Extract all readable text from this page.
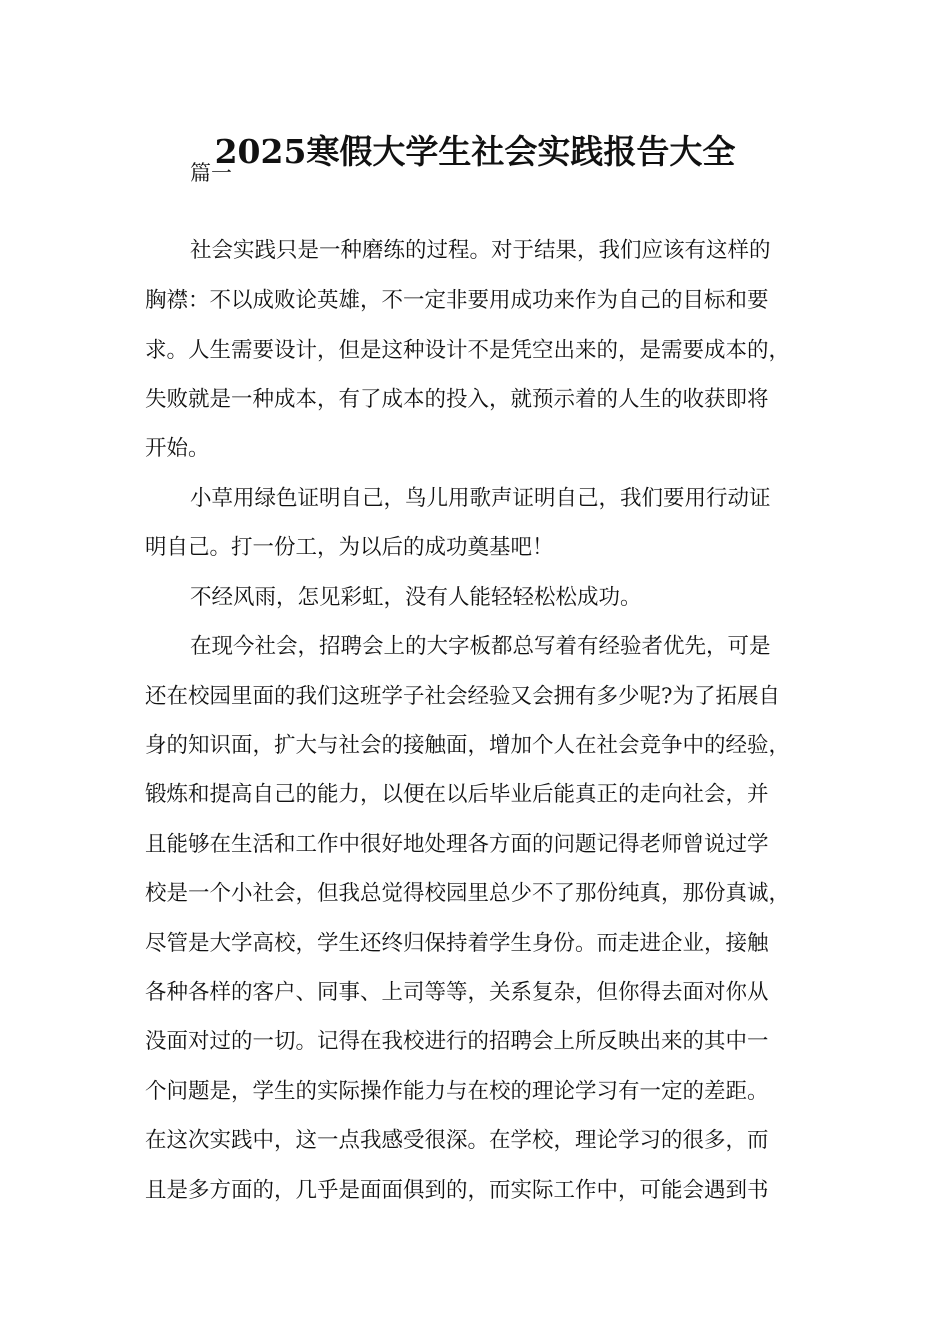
2025寒假大学生社会实践报告大全
篇一
社会实践只是一种磨练的过程。对于结果，我们应该有这样的
胸襟：不以成败论英雄，不一定非要用成功来作为自己的目标和要
求。人生需要设计，但是这种设计不是凭空出来的，是需要成本的，
失败就是一种成本，有了成本的投入，就预示着的人生的收获即将
开始。
小草用绿色证明自己，鸟儿用歌声证明自己，我们要用行动证
明自己。打一份工，为以后的成功奠基吧！
不经风雨，怎见彩虹，没有人能轻轻松松成功。
在现今社会，招聘会上的大字板都总写着有经验者优先，可是
还在校园里面的我们这班学子社会经验又会拥有多少呢?为了拓展自
身的知识面，扩大与社会的接触面，增加个人在社会竞争中的经验，
锻炼和提高自己的能力，以便在以后毕业后能真正的走向社会，并
且能够在生活和工作中很好地处理各方面的问题记得老师曾说过学
校是一个小社会，但我总觉得校园里总少不了那份纯真，那份真诚，
尽管是大学高校，学生还终归保持着学生身份。而走进企业，接触
各种各样的客户、同事、上司等等，关系复杂，但你得去面对你从
没面对过的一切。记得在我校进行的招聘会上所反映出来的其中一
个问题是，学生的实际操作能力与在校的理论学习有一定的差距。
在这次实践中，这一点我感受很深。在学校，理论学习的很多，而
且是多方面的，几乎是面面俱到的，而实际工作中，可能会遇到书
